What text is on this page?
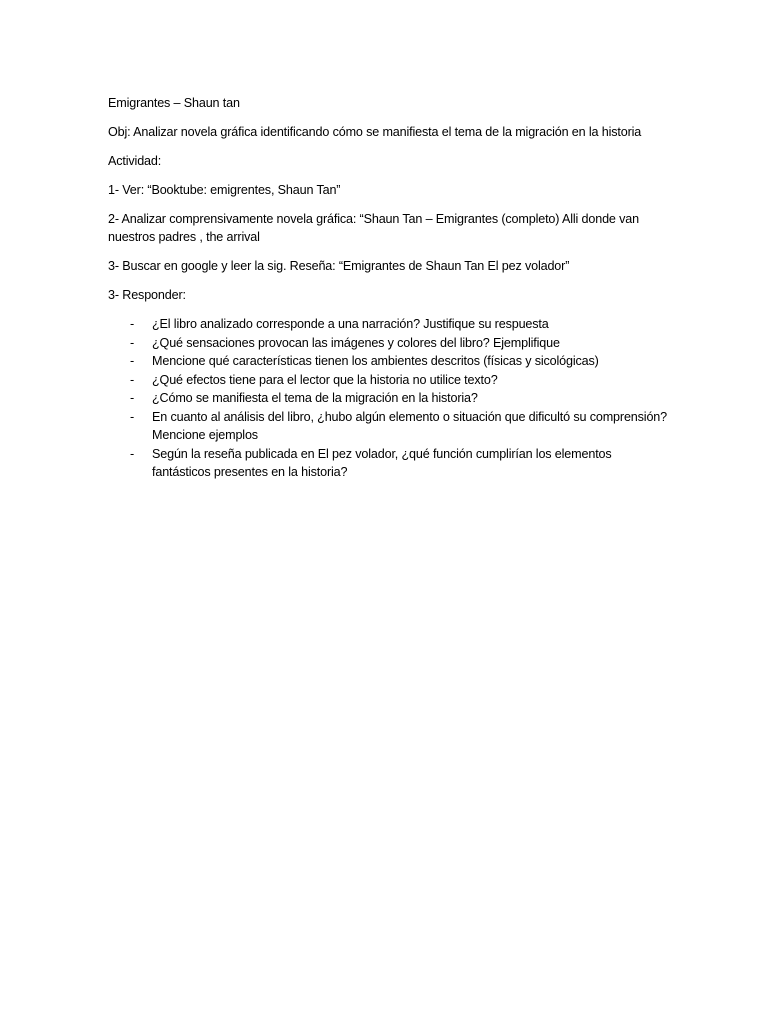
Emigrantes – Shaun tan

Obj: Analizar novela gráfica identificando cómo se manifiesta el tema de la migración en la historia

Actividad:

1- Ver: “Booktube: emigrentes, Shaun Tan”

2- Analizar comprensivamente novela gráfica: “Shaun Tan – Emigrantes (completo) Alli donde van nuestros padres , the arrival

3- Buscar en google y leer la sig. Reseña: “Emigrantes de Shaun Tan El pez volador”

3- Responder:

- ¿El libro analizado corresponde a una narración? Justifique su respuesta
- ¿Qué sensaciones provocan las imágenes y colores del libro? Ejemplifique
- Mencione qué características tienen los ambientes descritos (físicas y sicológicas)
- ¿Qué efectos tiene para el lector que la historia no utilice texto?
- ¿Cómo se manifiesta el tema de la migración en la historia?
- En cuanto al análisis del libro, ¿hubo algún elemento o situación que dificultó su comprensión? Mencione ejemplos
- Según la reseña publicada en El pez volador, ¿qué función cumplirían los elementos fantásticos presentes en la historia?
